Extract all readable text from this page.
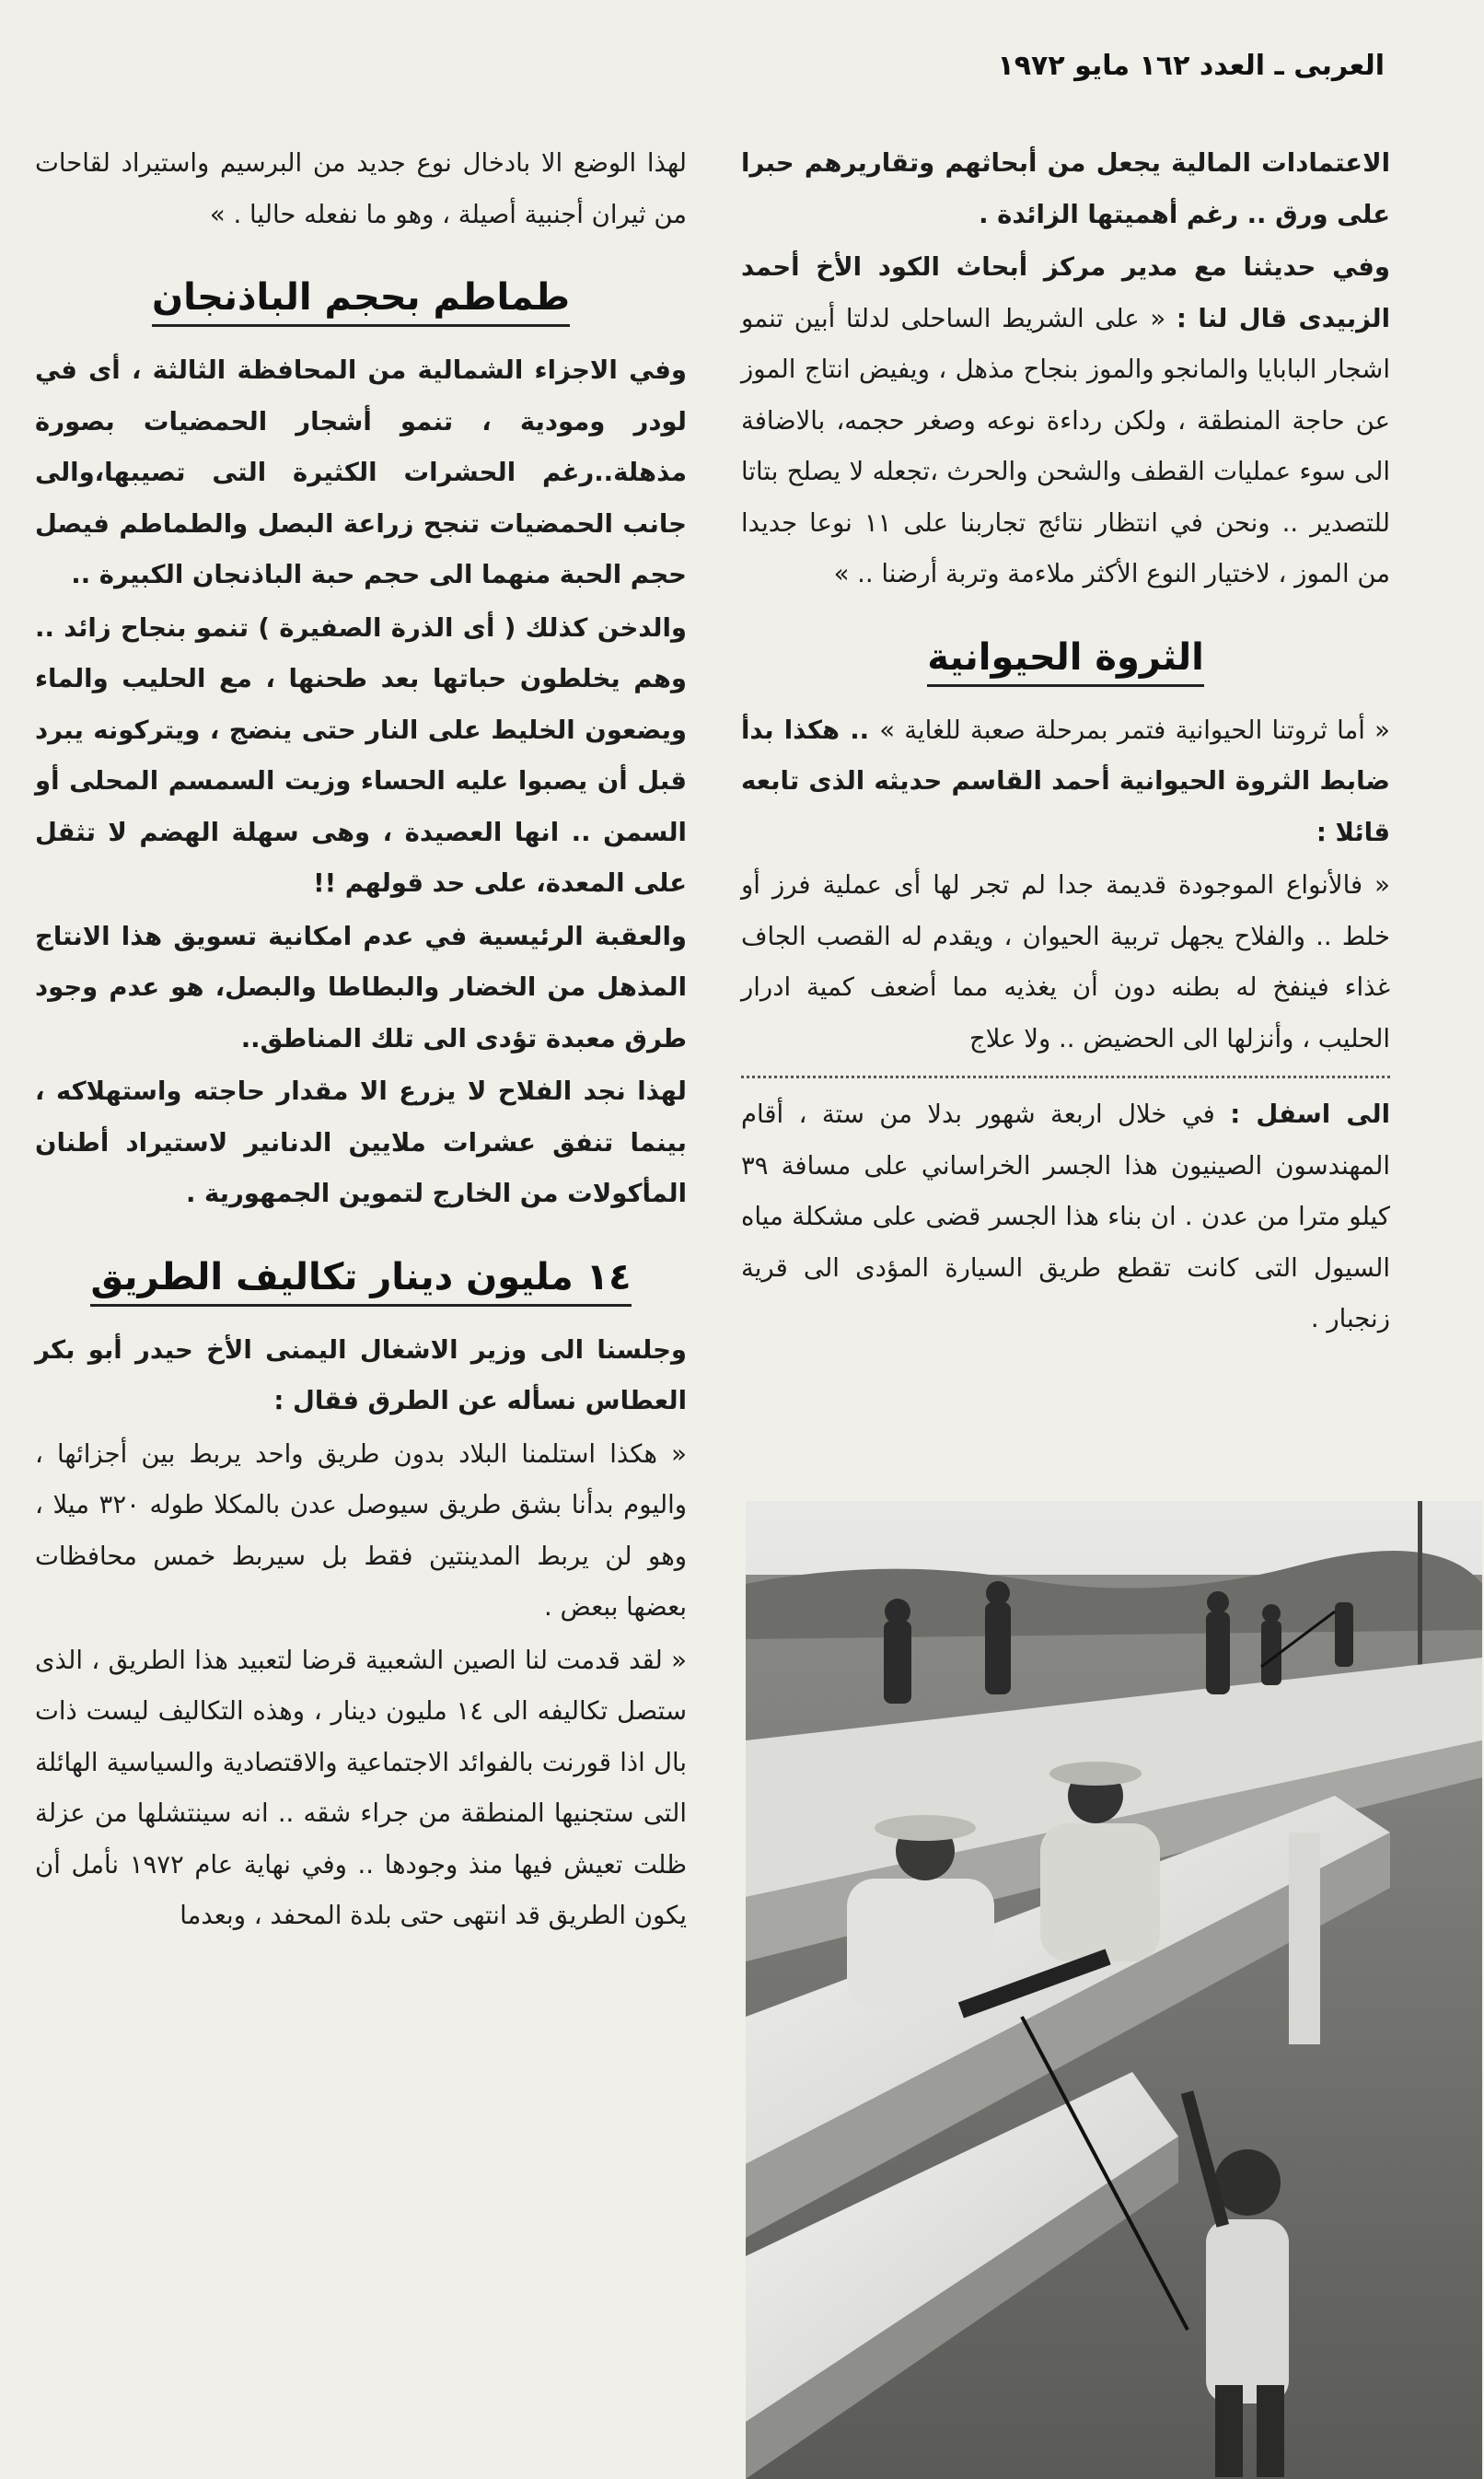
العربى ـ العدد ١٦٢ مايو ١٩٧٢

الاعتمادات المالية يجعل من أبحاثهم وتقاريرهم حبرا على ورق .. رغم أهميتها الزائدة .

وفي حديثنا مع مدير مركز أبحاث الكود الأخ أحمد الزبيدى قال لنا : « على الشريط الساحلى لدلتا أبين تنمو اشجار البابايا والمانجو والموز بنجاح مذهل ، ويفيض انتاج الموز عن حاجة المنطقة ، ولكن رداءة نوعه وصغر حجمه، بالاضافة الى سوء عمليات القطف والشحن والحرث ،تجعله لا يصلح بتاتا للتصدير .. ونحن في انتظار نتائج تجاربنا على ١١ نوعا جديدا من الموز ، لاختيار النوع الأكثر ملاءمة وتربة أرضنا .. »

الثروة الحيوانية

« أما ثروتنا الحيوانية فتمر بمرحلة صعبة للغاية » .. هكذا بدأ ضابط الثروة الحيوانية أحمد القاسم حديثه الذى تابعه قائلا :

« فالأنواع الموجودة قديمة جدا لم تجر لها أى عملية فرز أو خلط .. والفلاح يجهل تربية الحيوان ، ويقدم له القصب الجاف غذاء فينفخ له بطنه دون أن يغذيه مما أضعف كمية ادرار الحليب ، وأنزلها الى الحضيض .. ولا علاج

الى اسفل : في خلال اربعة شهور بدلا من ستة ، أقام المهندسون الصينيون هذا الجسر الخراساني على مسافة ٣٩ كيلو مترا من عدن . ان بناء هذا الجسر قضى على مشكلة مياه السيول التى كانت تقطع طريق السيارة المؤدى الى قرية زنجبار .

لهذا الوضع الا بادخال نوع جديد من البرسيم واستيراد لقاحات من ثيران أجنبية أصيلة ، وهو ما نفعله حاليا . »

طماطم بحجم الباذنجان

وفي الاجزاء الشمالية من المحافظة الثالثة ، أى في لودر ومودية ، تنمو أشجار الحمضيات بصورة مذهلة..رغم الحشرات الكثيرة التى تصيبها،والى جانب الحمضيات تنجح زراعة البصل والطماطم فيصل حجم الحبة منهما الى حجم حبة الباذنجان الكبيرة ..

والدخن كذلك ( أى الذرة الصفيرة ) تنمو بنجاح زائد .. وهم يخلطون حباتها بعد طحنها ، مع الحليب والماء ويضعون الخليط على النار حتى ينضج ، ويتركونه يبرد قبل أن يصبوا عليه الحساء وزيت السمسم المحلى أو السمن .. انها العصيدة ، وهى سهلة الهضم لا تثقل على المعدة، على حد قولهم !!

والعقبة الرئيسية في عدم امكانية تسويق هذا الانتاج المذهل من الخضار والبطاطا والبصل، هو عدم وجود طرق معبدة تؤدى الى تلك المناطق..

لهذا نجد الفلاح لا يزرع الا مقدار حاجته واستهلاكه ، بينما تنفق عشرات ملايين الدنانير لاستيراد أطنان المأكولات من الخارج لتموين الجمهورية .

١٤ مليون دينار تكاليف الطريق

وجلسنا الى وزير الاشغال اليمنى الأخ حيدر أبو بكر العطاس نسأله عن الطرق فقال :

« هكذا استلمنا البلاد بدون طريق واحد يربط بين أجزائها ، واليوم بدأنا بشق طريق سيوصل عدن بالمكلا طوله ٣٢٠ ميلا ، وهو لن يربط المدينتين فقط بل سيربط خمس محافظات بعضها ببعض .

« لقد قدمت لنا الصين الشعبية قرضا لتعبيد هذا الطريق ، الذى ستصل تكاليفه الى ١٤ مليون دينار ، وهذه التكاليف ليست ذات بال اذا قورنت بالفوائد الاجتماعية والاقتصادية والسياسية الهائلة التى ستجنيها المنطقة من جراء شقه .. انه سينتشلها من عزلة ظلت تعيش فيها منذ وجودها .. وفي نهاية عام ١٩٧٢ نأمل أن يكون الطريق قد انتهى حتى بلدة المحفد ، وبعدما
